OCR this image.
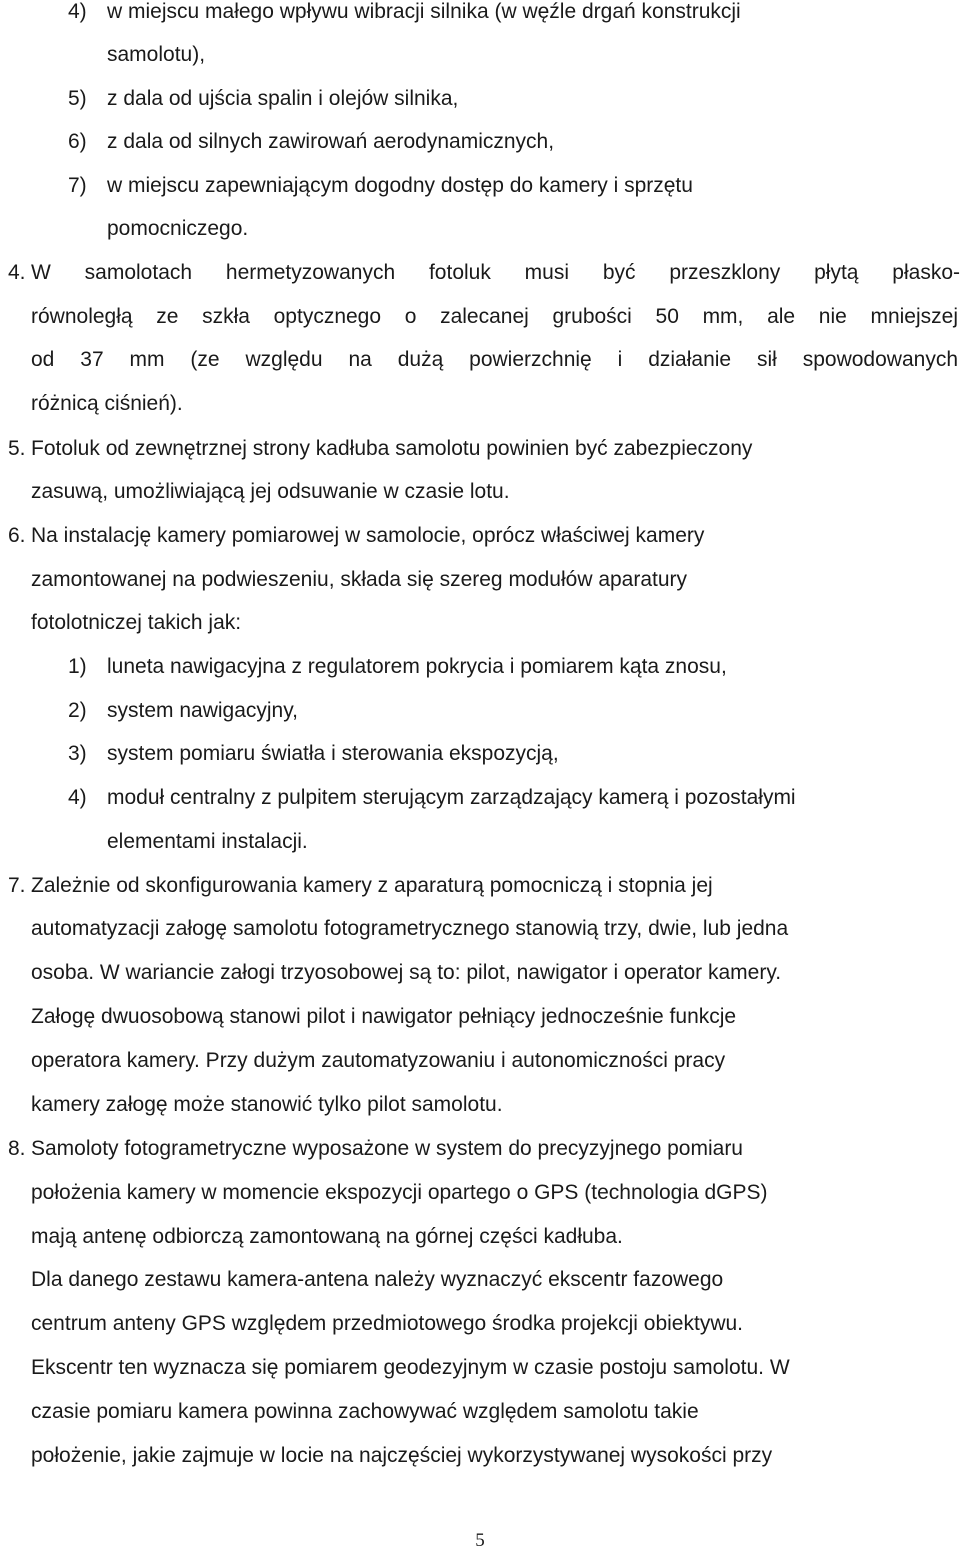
4) w miejscu małego wpływu wibracji silnika (w węźle drgań konstrukcji
samolotu),
5) z dala od ujścia spalin i olejów silnika,
6) z dala od silnych zawirowań aerodynamicznych,
7) w miejscu zapewniającym dogodny dostęp do kamery i sprzętu
pomocniczego.
4. W samolotach hermetyzowanych fotoluk musi być przeszklony płytą płasko-
równoległą ze szkła optycznego o zalecanej grubości 50 mm, ale nie mniejszej
od 37 mm (ze względu na dużą powierzchnię i działanie sił spowodowanych
różnicą ciśnień).
5. Fotoluk od zewnętrznej strony kadłuba samolotu powinien być zabezpieczony
zasuwą, umożliwiającą jej odsuwanie w czasie lotu.
6. Na instalację kamery pomiarowej w samolocie, oprócz właściwej kamery
zamontowanej na podwieszeniu, składa się szereg modułów aparatury
fotolotniczej takich jak:
1) luneta nawigacyjna z regulatorem pokrycia i pomiarem kąta znosu,
2) system nawigacyjny,
3) system pomiaru światła i sterowania ekspozycją,
4) moduł centralny z pulpitem sterującym zarządzający kamerą i pozostałymi
elementami instalacji.
7. Zależnie od skonfigurowania kamery z aparaturą pomocniczą i stopnia jej
automatyzacji załogę samolotu fotogrametrycznego stanowią trzy, dwie, lub jedna
osoba. W wariancie załogi trzyosobowej są to: pilot, nawigator i operator kamery.
Załogę dwuosobową stanowi pilot i nawigator pełniący jednocześnie funkcje
operatora kamery. Przy dużym zautomatyzowaniu i autonomiczności pracy
kamery załogę może stanowić tylko pilot samolotu.
8. Samoloty fotogrametryczne wyposażone w system do precyzyjnego pomiaru
położenia kamery w momencie ekspozycji opartego o GPS (technologia dGPS)
mają antenę odbiorczą zamontowaną na górnej części kadłuba.
Dla danego zestawu kamera-antena należy wyznaczyć ekscentr fazowego
centrum anteny GPS względem przedmiotowego środka projekcji obiektywu.
Ekscentr ten wyznacza się pomiarem geodezyjnym w czasie postoju samolotu. W
czasie pomiaru kamera powinna zachowywać względem samolotu takie
położenie, jakie zajmuje w locie na najczęściej wykorzystywanej wysokości przy
5
